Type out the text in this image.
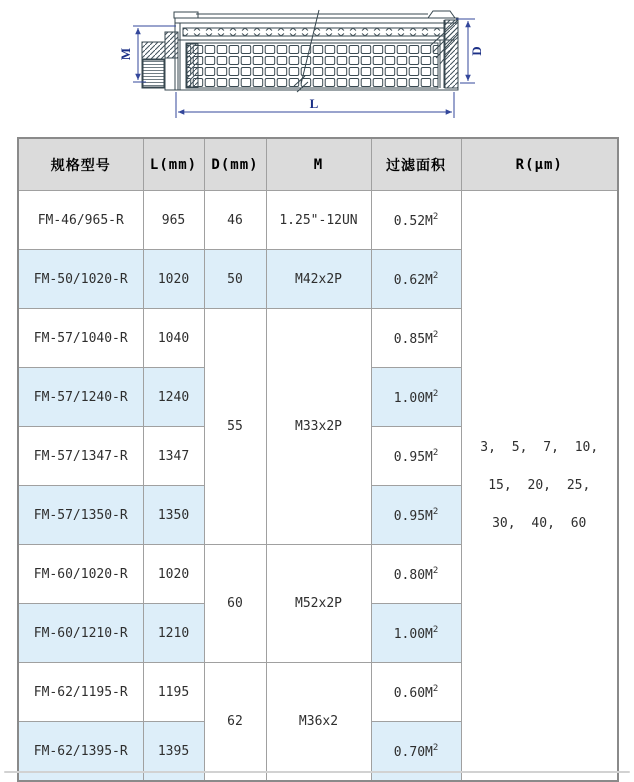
M	D
L
规格型号	L(mm)	D(mm)	M	过滤面积	R(μm)
FM-46/965-R	965	46	1.25"-12UN	$0.52M^2$	3, 5, 7, 10,
15, 20, 25,
30, 40, 60

FM-50/1020-R	1020	50	M42x2P	$0.62M^2$
FM-57/1040-R	1040	55	M33x2P	$0.85M^2$
FM-57/1240-R	1240			$1.00M^2$
FM-57/1347-R	1347			$0.95M^2$
FM-57/1350-R	1350			$0.95M^2$
FM-60/1020-R	1020	60	M52x2P	$0.80M^2$
FM-60/1210-R	1210			$1.00M^2$
FM-62/1195-R	1195	62	M36x2	$0.60M^2$
FM-62/1395-R	1395			$0.70M^2$
